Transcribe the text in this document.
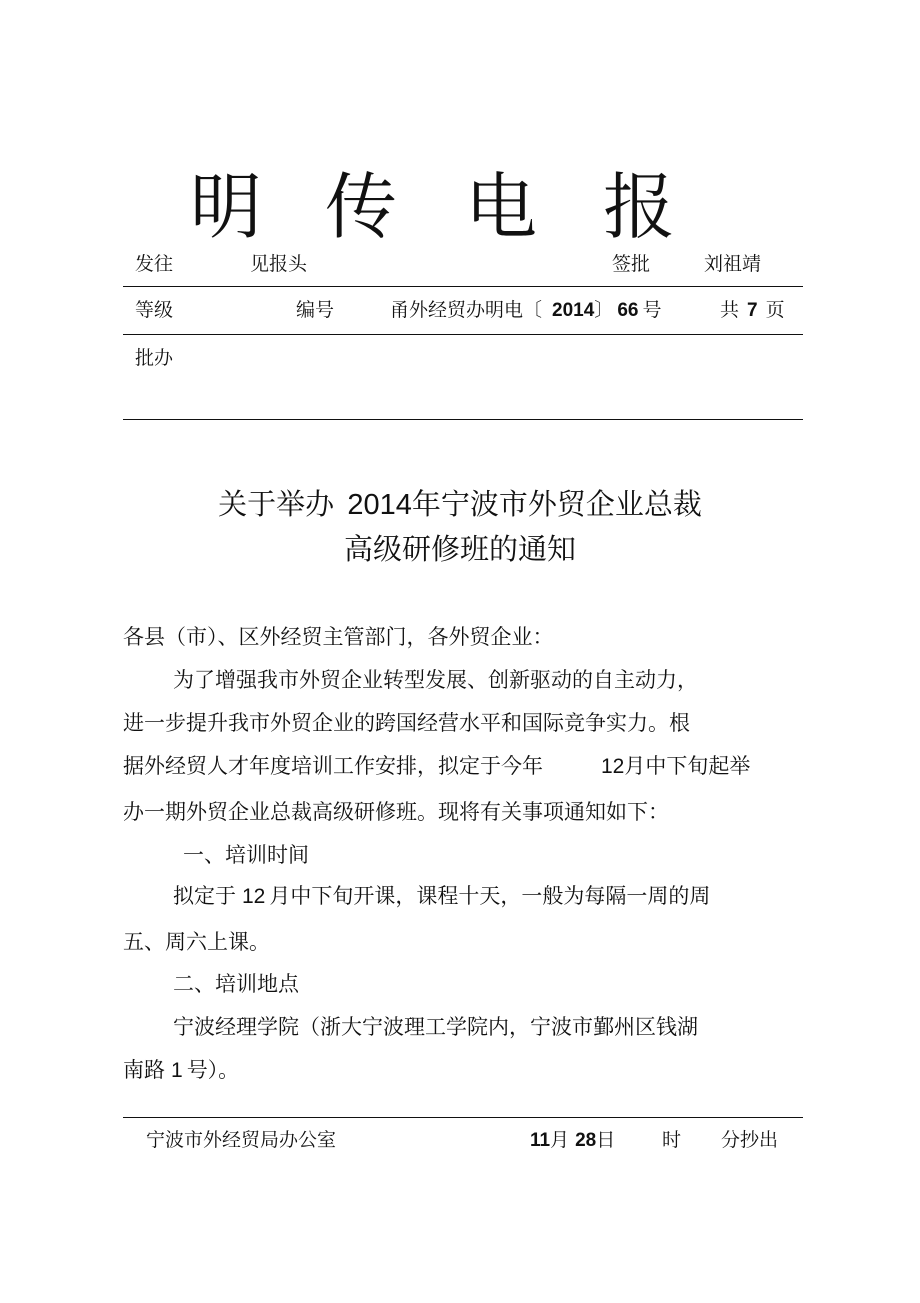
明 传 电 报
发往	见报头	签批	刘祖靖
等级	编号	甬外经贸办明电〔 2014〕 66 号	共 7 页
批办
关于举办 2014年宁波市外贸企业总裁
高级研修班的通知
各县（市）、区外经贸主管部门，各外贸企业：
为了增强我市外贸企业转型发展、创新驱动的自主动力，
进一步提升我市外贸企业的跨国经营水平和国际竞争实力。根
据外经贸人才年度培训工作安排，拟定于今年	12月中下旬起举
办一期外贸企业总裁高级研修班。现将有关事项通知如下：
一、培训时间
拟定于 12 月中下旬开课，课程十天，一般为每隔一周的周
五、周六上课。
二、培训地点
宁波经理学院（浙大宁波理工学院内，宁波市鄞州区钱湖
南路 1 号）。
宁波市外经贸局办公室	11月 28日 时 分抄出
